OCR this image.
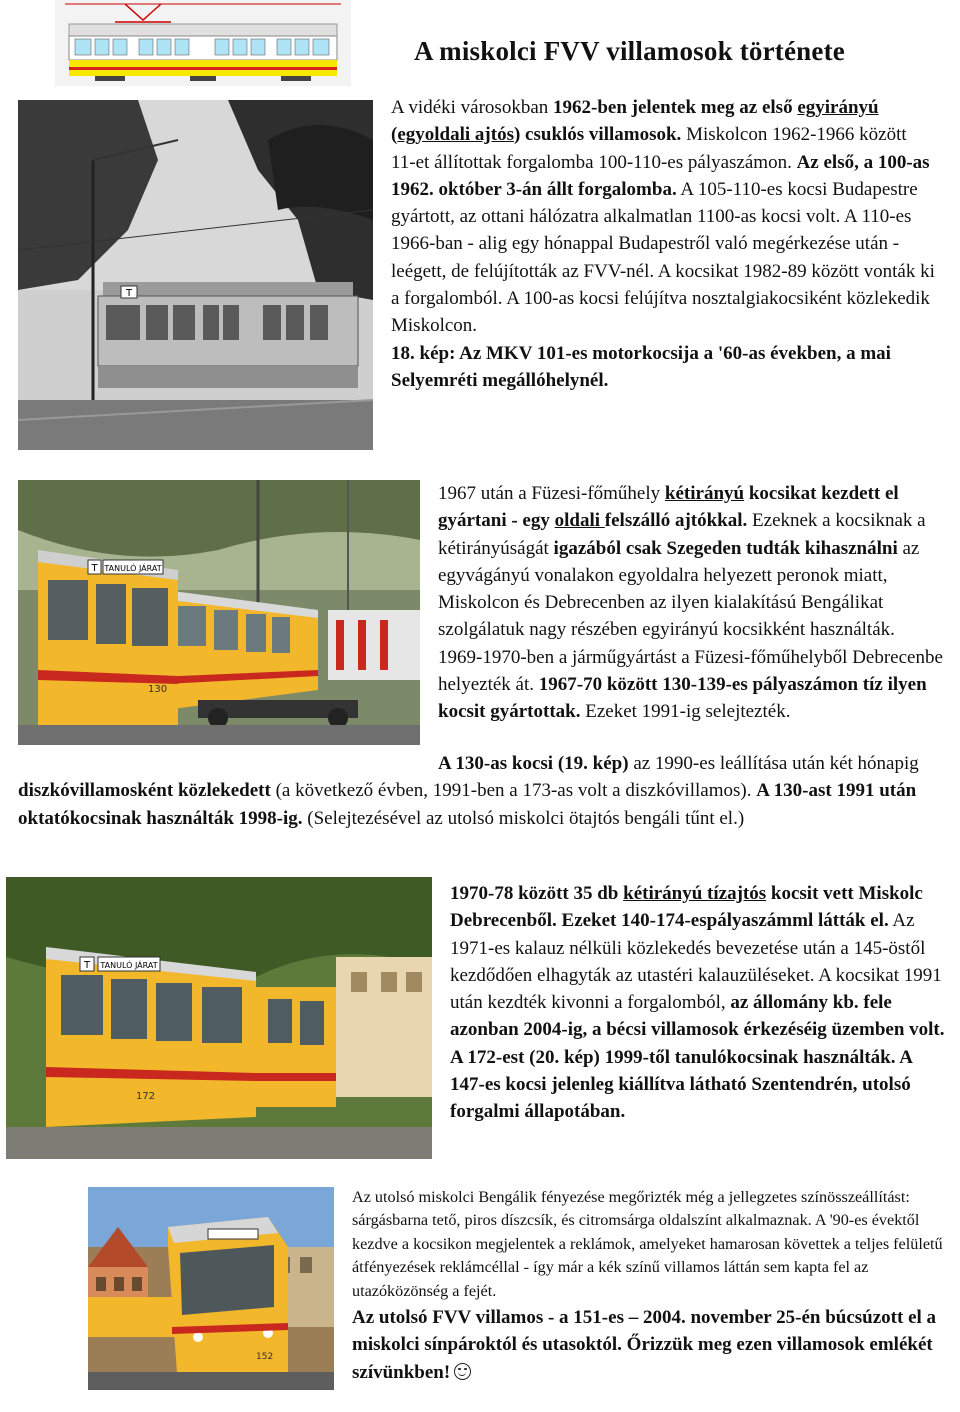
A miskolci FVV villamosok története
T
A vidéki városokban 1962-ben jelentek meg az első egyirányú (egyoldali ajtós) csuklós villamosok. Miskolcon 1962-1966 között 11-et állítottak forgalomba 100-110-es pályaszámon. Az első, a 100-as 1962. október 3-án állt forgalomba. A 105-110-es kocsi Budapestre gyártott, az ottani hálózatra alkalmatlan 1100-as kocsi volt. A 110-es 1966-ban - alig egy hónappal Budapestről való megérkezése után - leégett, de felújították az FVV-nél. A kocsikat 1982-89 között vonták ki a forgalomból. A 100-as kocsi felújítva nosztalgiakocsiként közlekedik Miskolcon.
18. kép: Az MKV 101-es motorkocsija a '60-as években, a mai Selyemréti megállóhelynél.
TANULÓ JÁRAT
T
130
1967 után a Füzesi-főműhely kétirányú kocsikat kezdett el gyártani - egy oldali felszálló ajtókkal. Ezeknek a kocsiknak a kétirányúságát igazából csak Szegeden tudták kihasználni az egyvágányú vonalakon egyoldalra helyezett peronok miatt, Miskolcon és Debrecenben az ilyen kialakítású Bengálikat szolgálatuk nagy részében egyirányú kocsikként használták. 1969-1970-ben a járműgyártást a Füzesi-főműhelyből Debrecenbe helyezték át. 1967-70 között 130-139-es pályaszámon tíz ilyen kocsit gyártottak. Ezeket 1991-ig selejtezték.
A 130-as kocsi (19. kép) az 1990-es leállítása után két hónapig diszkóvillamosként közlekedett (a következő évben, 1991-ben a 173-as volt a diszkóvillamos). A 130-ast 1991 után oktatókocsinak használták 1998-ig. (Selejtezésével az utolsó miskolci ötajtós bengáli tűnt el.)
TANULÓ JÁRAT
T
172
1970-78 között 35 db kétirányú tízajtós kocsit vett Miskolc Debrecenből. Ezeket 140-174-espályaszámml látták el. Az 1971-es kalauz nélküli közlekedés bevezetése után a 145-östől kezdődően elhagyták az utastéri kalauzüléseket. A kocsikat 1991 után kezdték kivonni a forgalomból, az állomány kb. fele azonban 2004-ig, a bécsi villamosok érkezéséig üzemben volt. A 172-est (20. kép) 1999-től tanulókocsinak használták. A 147-es kocsi jelenleg kiállítva látható Szentendrén, utolsó forgalmi állapotában.
152
Az utolsó miskolci Bengálik fényezése megőrizték még a jellegzetes színösszeállítást: sárgásbarna tető, piros díszcsík, és citromsárga oldalszínt alkalmaznak. A '90-es évektől kezdve a kocsikon megjelentek a reklámok, amelyeket hamarosan követtek a teljes felületű átfényezések reklámcéllal - így már a kék színű villamos láttán sem kapta fel az utazóközönség a fejét.
Az utolsó FVV villamos - a 151-es – 2004. november 25-én búcsúzott el a miskolci sínpároktól és utasoktól. Őrizzük meg ezen villamosok emlékét szívünkben!
